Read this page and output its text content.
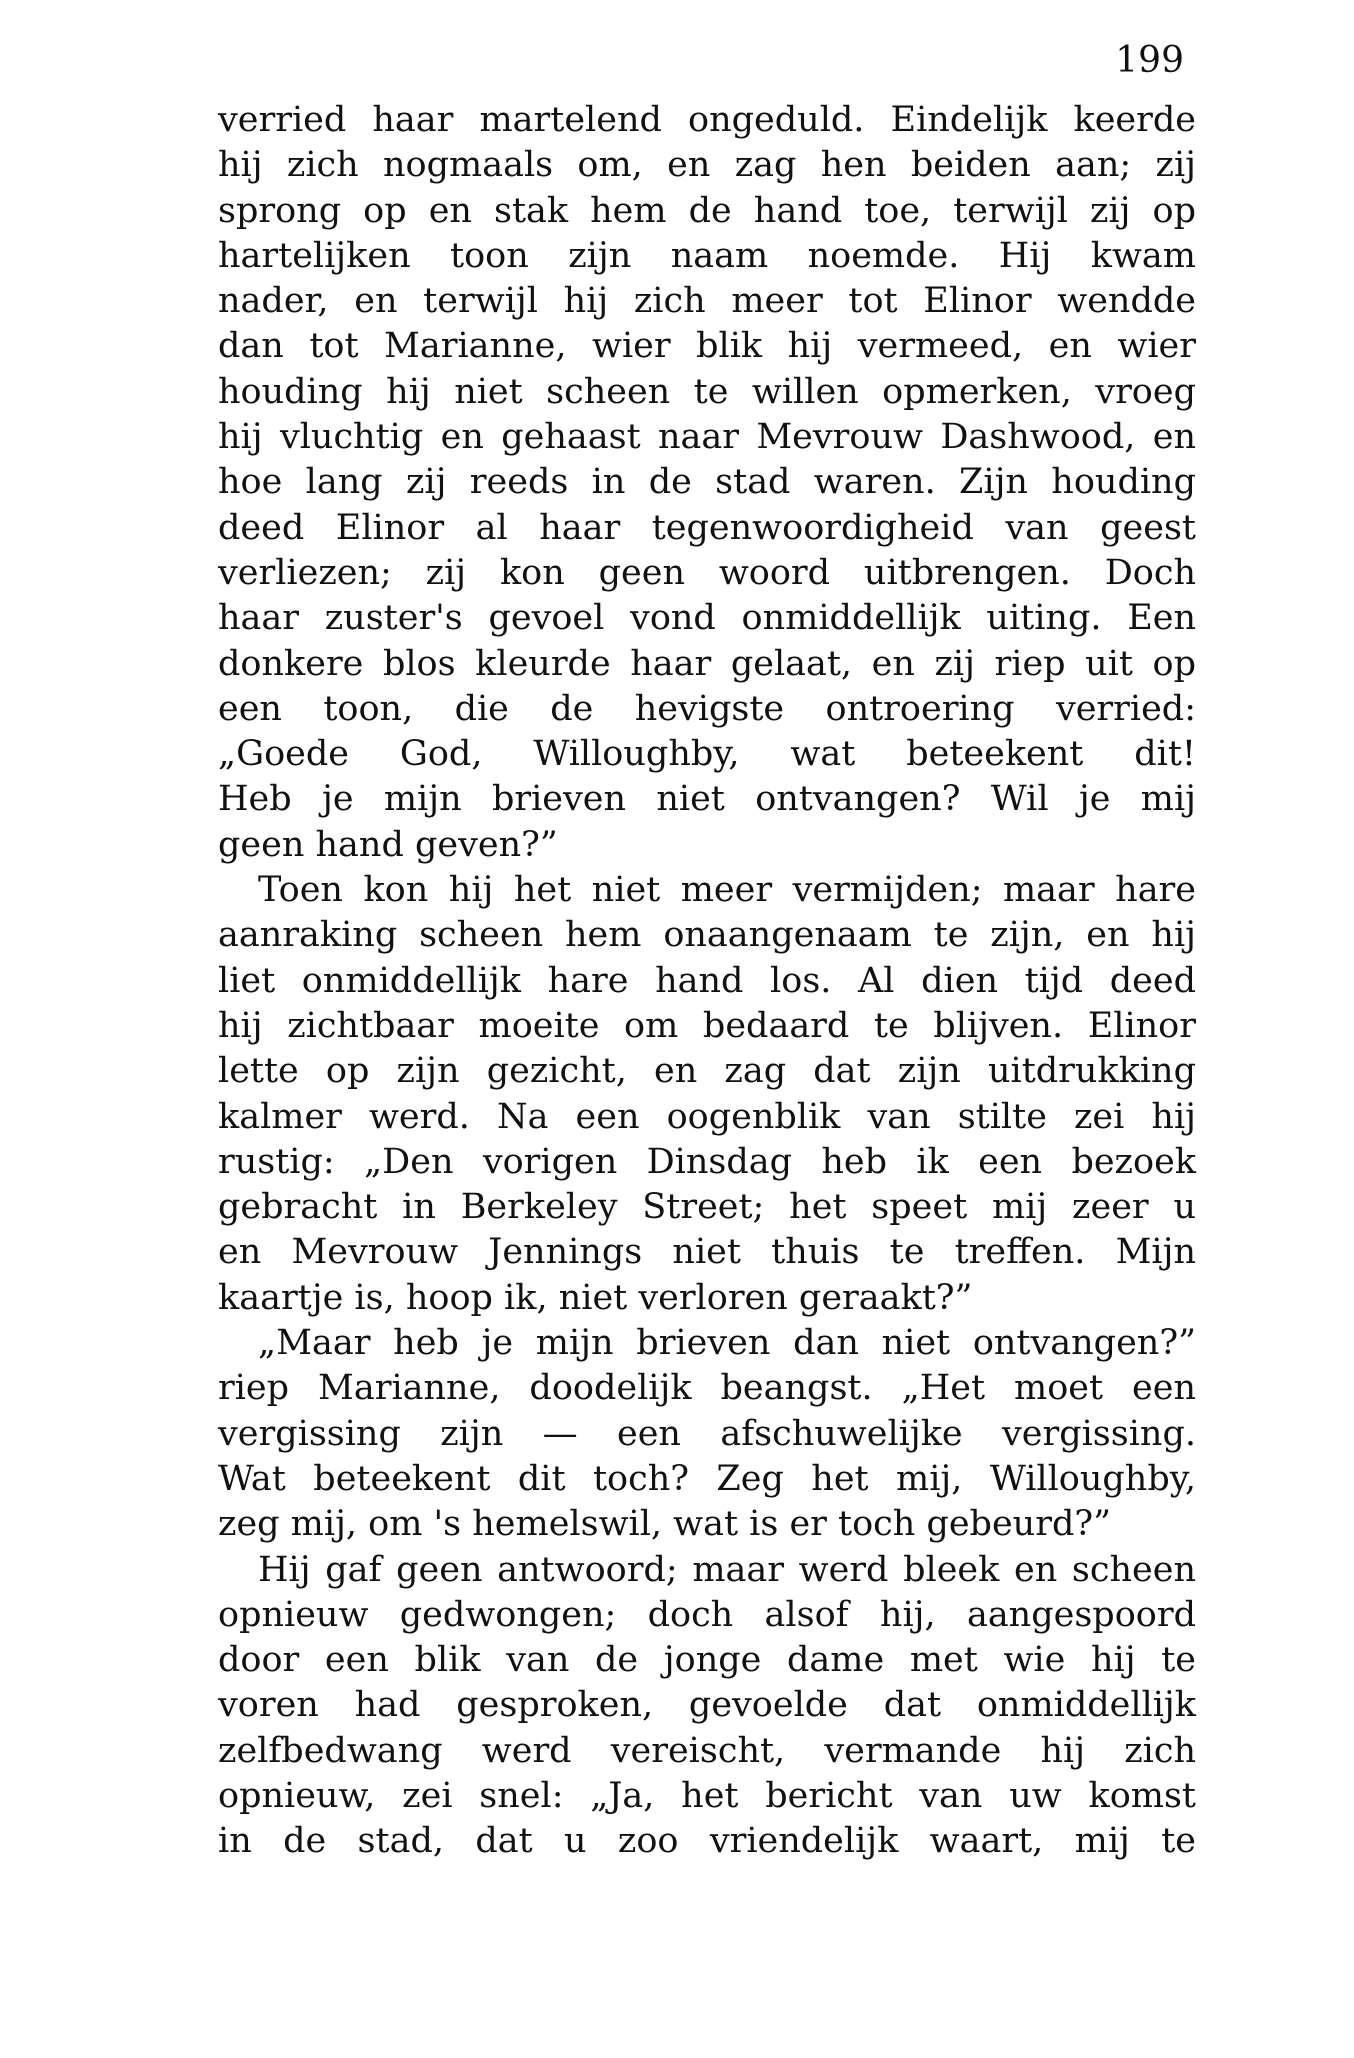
199
verried haar martelend ongeduld. Eindelijk keerde
hij zich nogmaals om, en zag hen beiden aan; zij
sprong op en stak hem de hand toe, terwijl zij op
hartelijken toon zijn naam noemde. Hij kwam
nader, en terwijl hij zich meer tot Elinor wendde
dan tot Marianne, wier blik hij vermeed, en wier
houding hij niet scheen te willen opmerken, vroeg
hij vluchtig en gehaast naar Mevrouw Dashwood, en
hoe lang zij reeds in de stad waren. Zijn houding
deed Elinor al haar tegenwoordigheid van geest
verliezen; zij kon geen woord uitbrengen. Doch
haar zuster's gevoel vond onmiddellijk uiting. Een
donkere blos kleurde haar gelaat, en zij riep uit op
een toon, die de hevigste ontroering verried:
„Goede God, Willoughby, wat beteekent dit!
Heb je mijn brieven niet ontvangen? Wil je mij
geen hand geven?”
Toen kon hij het niet meer vermijden; maar hare
aanraking scheen hem onaangenaam te zijn, en hij
liet onmiddellijk hare hand los. Al dien tijd deed
hij zichtbaar moeite om bedaard te blijven. Elinor
lette op zijn gezicht, en zag dat zijn uitdrukking
kalmer werd. Na een oogenblik van stilte zei hij
rustig: „Den vorigen Dinsdag heb ik een bezoek
gebracht in Berkeley Street; het speet mij zeer u
en Mevrouw Jennings niet thuis te treffen. Mijn
kaartje is, hoop ik, niet verloren geraakt?”
„Maar heb je mijn brieven dan niet ontvangen?”
riep Marianne, doodelijk beangst. „Het moet een
vergissing zijn — een afschuwelijke vergissing.
Wat beteekent dit toch? Zeg het mij, Willoughby,
zeg mij, om 's hemelswil, wat is er toch gebeurd?”
Hij gaf geen antwoord; maar werd bleek en scheen
opnieuw gedwongen; doch alsof hij, aangespoord
door een blik van de jonge dame met wie hij te
voren had gesproken, gevoelde dat onmiddellijk
zelfbedwang werd vereischt, vermande hij zich
opnieuw, zei snel: „Ja, het bericht van uw komst
in de stad, dat u zoo vriendelijk waart, mij te
